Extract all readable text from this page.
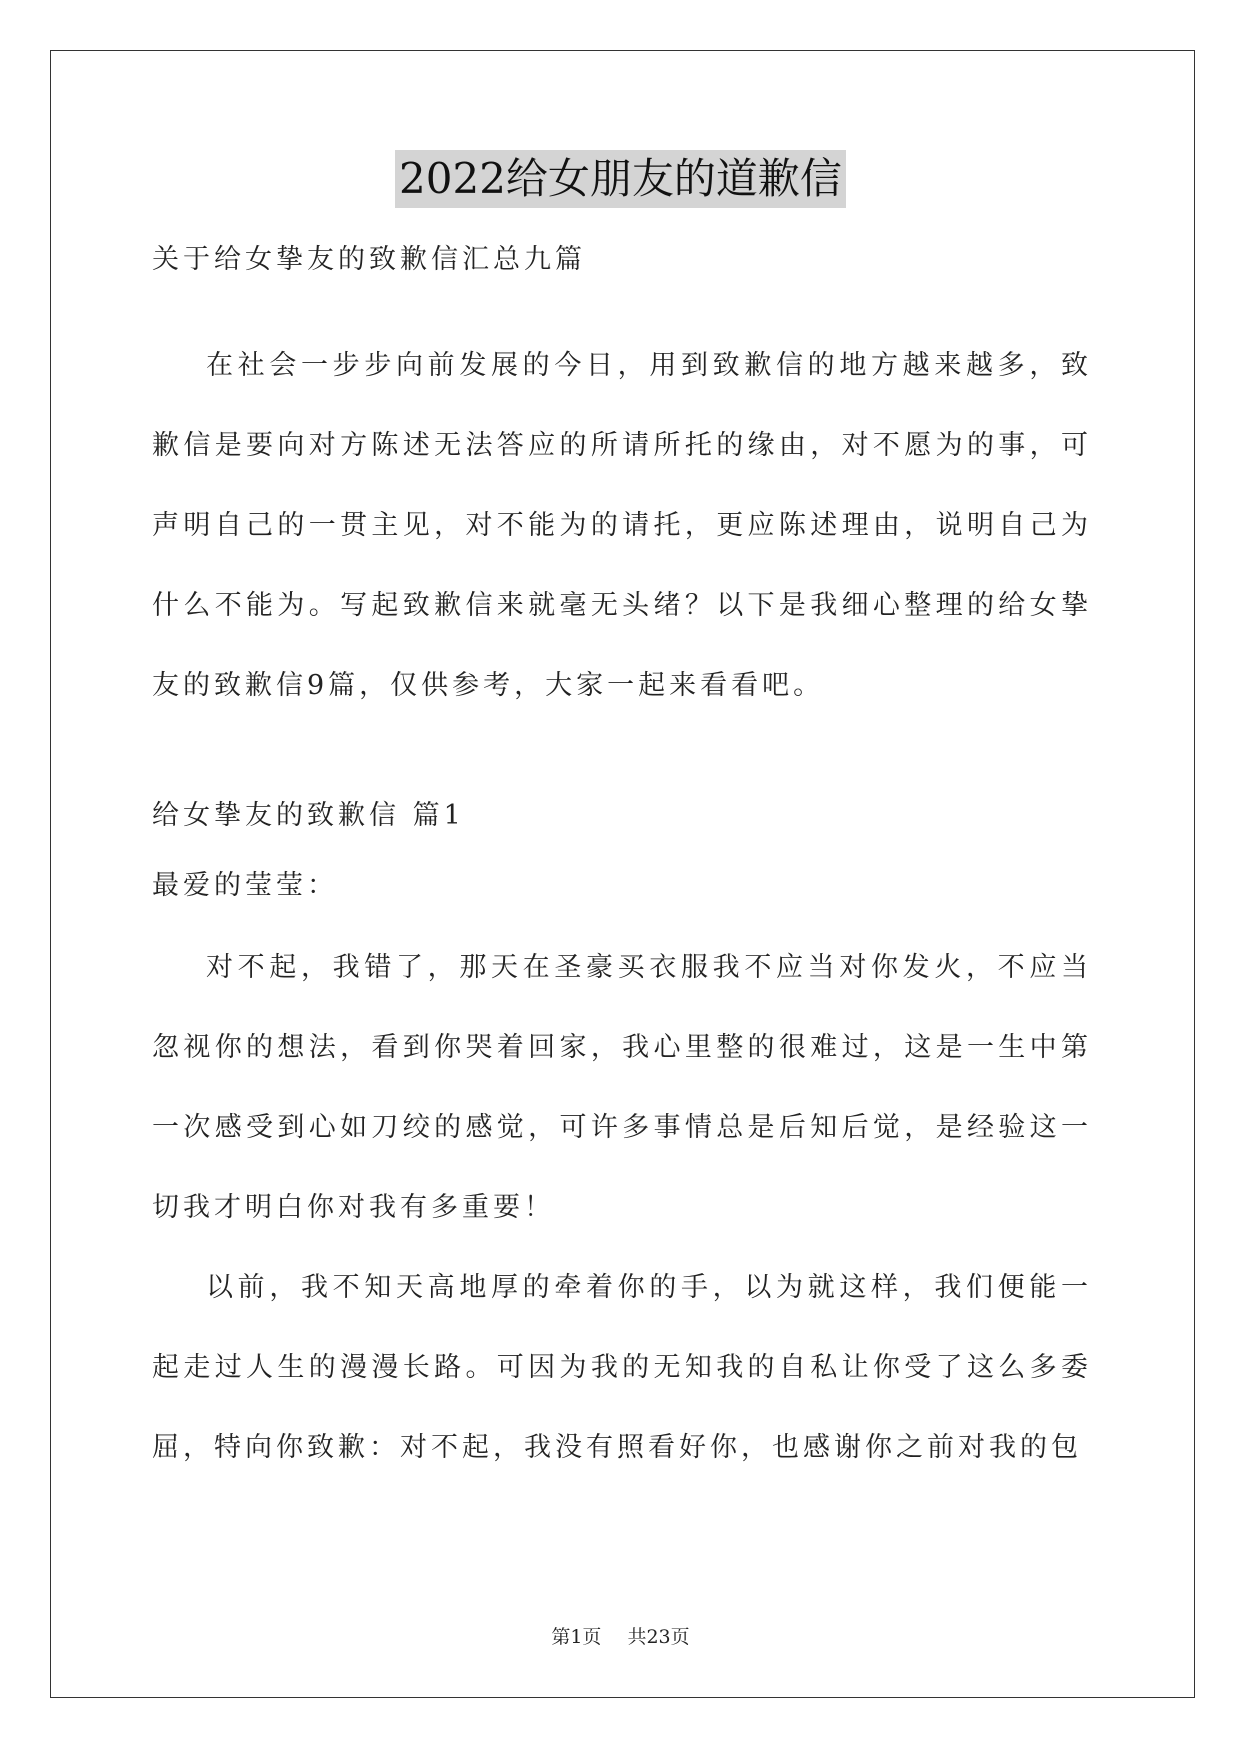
2022给女朋友的道歉信

关于给女挚友的致歉信汇总九篇

在社会一步步向前发展的今日，用到致歉信的地方越来越多，致歉信是要向对方陈述无法答应的所请所托的缘由，对不愿为的事，可声明自己的一贯主见，对不能为的请托，更应陈述理由，说明自己为什么不能为。写起致歉信来就毫无头绪？以下是我细心整理的给女挚友的致歉信9篇，仅供参考，大家一起来看看吧。

给女挚友的致歉信 篇1

最爱的莹莹：

对不起，我错了，那天在圣豪买衣服我不应当对你发火，不应当忽视你的想法，看到你哭着回家，我心里整的很难过，这是一生中第一次感受到心如刀绞的感觉，可许多事情总是后知后觉，是经验这一切我才明白你对我有多重要！

以前，我不知天高地厚的牵着你的手，以为就这样，我们便能一起走过人生的漫漫长路。可因为我的无知我的自私让你受了这么多委屈，特向你致歉：对不起，我没有照看好你，也感谢你之前对我的包

第1页 共23页
